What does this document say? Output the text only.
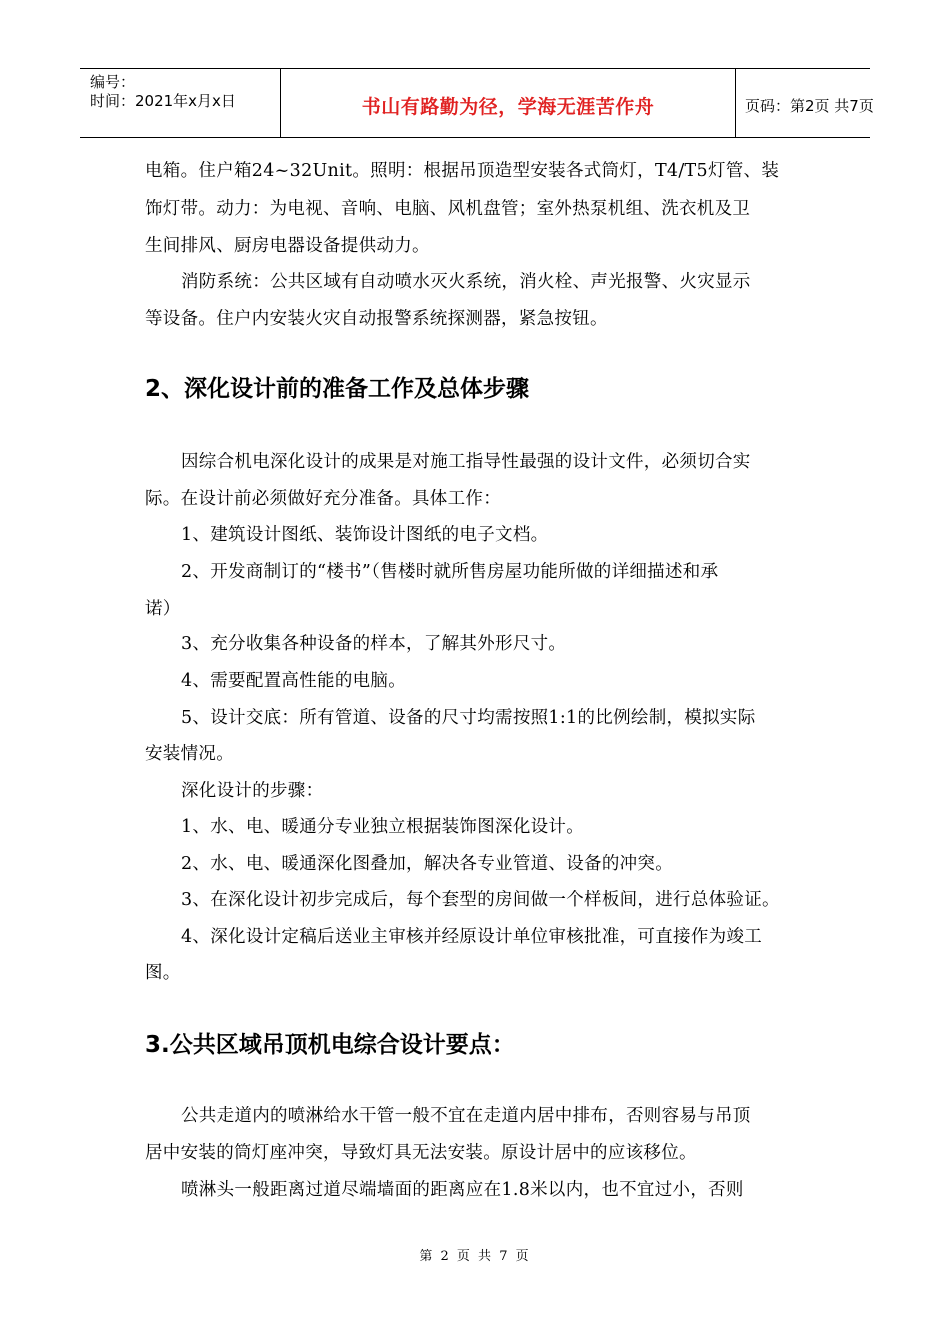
编号：
时间：2021年x月x日	书山有路勤为径，学海无涯苦作舟	页码：第2页 共7页
电箱。住户箱24~32Unit。照明：根据吊顶造型安装各式筒灯，T4/T5灯管、装
饰灯带。动力：为电视、音响、电脑、风机盘管；室外热泵机组、洗衣机及卫
生间排风、厨房电器设备提供动力。
消防系统：公共区域有自动喷水灭火系统，消火栓、声光报警、火灾显示
等设备。住户内安装火灾自动报警系统探测器，紧急按钮。
2、深化设计前的准备工作及总体步骤
因综合机电深化设计的成果是对施工指导性最强的设计文件，必须切合实
际。在设计前必须做好充分准备。具体工作：
1、建筑设计图纸、装饰设计图纸的电子文档。
2、开发商制订的“楼书”（售楼时就所售房屋功能所做的详细描述和承
诺）
3、充分收集各种设备的样本，了解其外形尺寸。
4、需要配置高性能的电脑。
5、设计交底：所有管道、设备的尺寸均需按照1:1的比例绘制，模拟实际
安装情况。
深化设计的步骤：
1、水、电、暖通分专业独立根据装饰图深化设计。
2、水、电、暖通深化图叠加，解决各专业管道、设备的冲突。
3、在深化设计初步完成后，每个套型的房间做一个样板间，进行总体验证。
4、深化设计定稿后送业主审核并经原设计单位审核批准，可直接作为竣工
图。
3.公共区域吊顶机电综合设计要点：
公共走道内的喷淋给水干管一般不宜在走道内居中排布，否则容易与吊顶
居中安装的筒灯座冲突，导致灯具无法安装。原设计居中的应该移位。
喷淋头一般距离过道尽端墙面的距离应在1.8米以内，也不宜过小，否则
第 2 页 共 7 页
